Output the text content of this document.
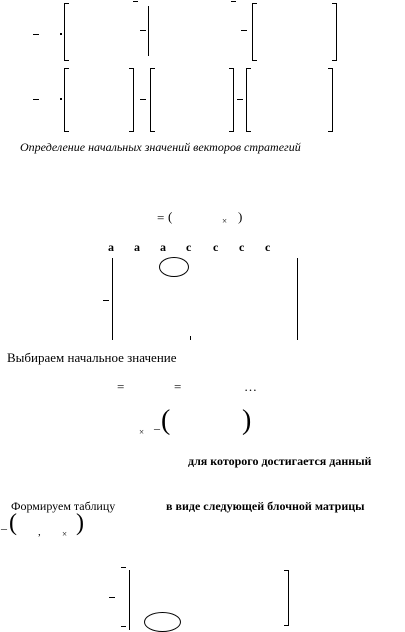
Определение начальных значений векторов стратегий
= (	× )
а а а с с с с
Выбираем начальное значение
=	=	…
× – (	)
для которого достигается данный
Формируем таблицу	в виде следующей блочной матрицы
– ( , × )
